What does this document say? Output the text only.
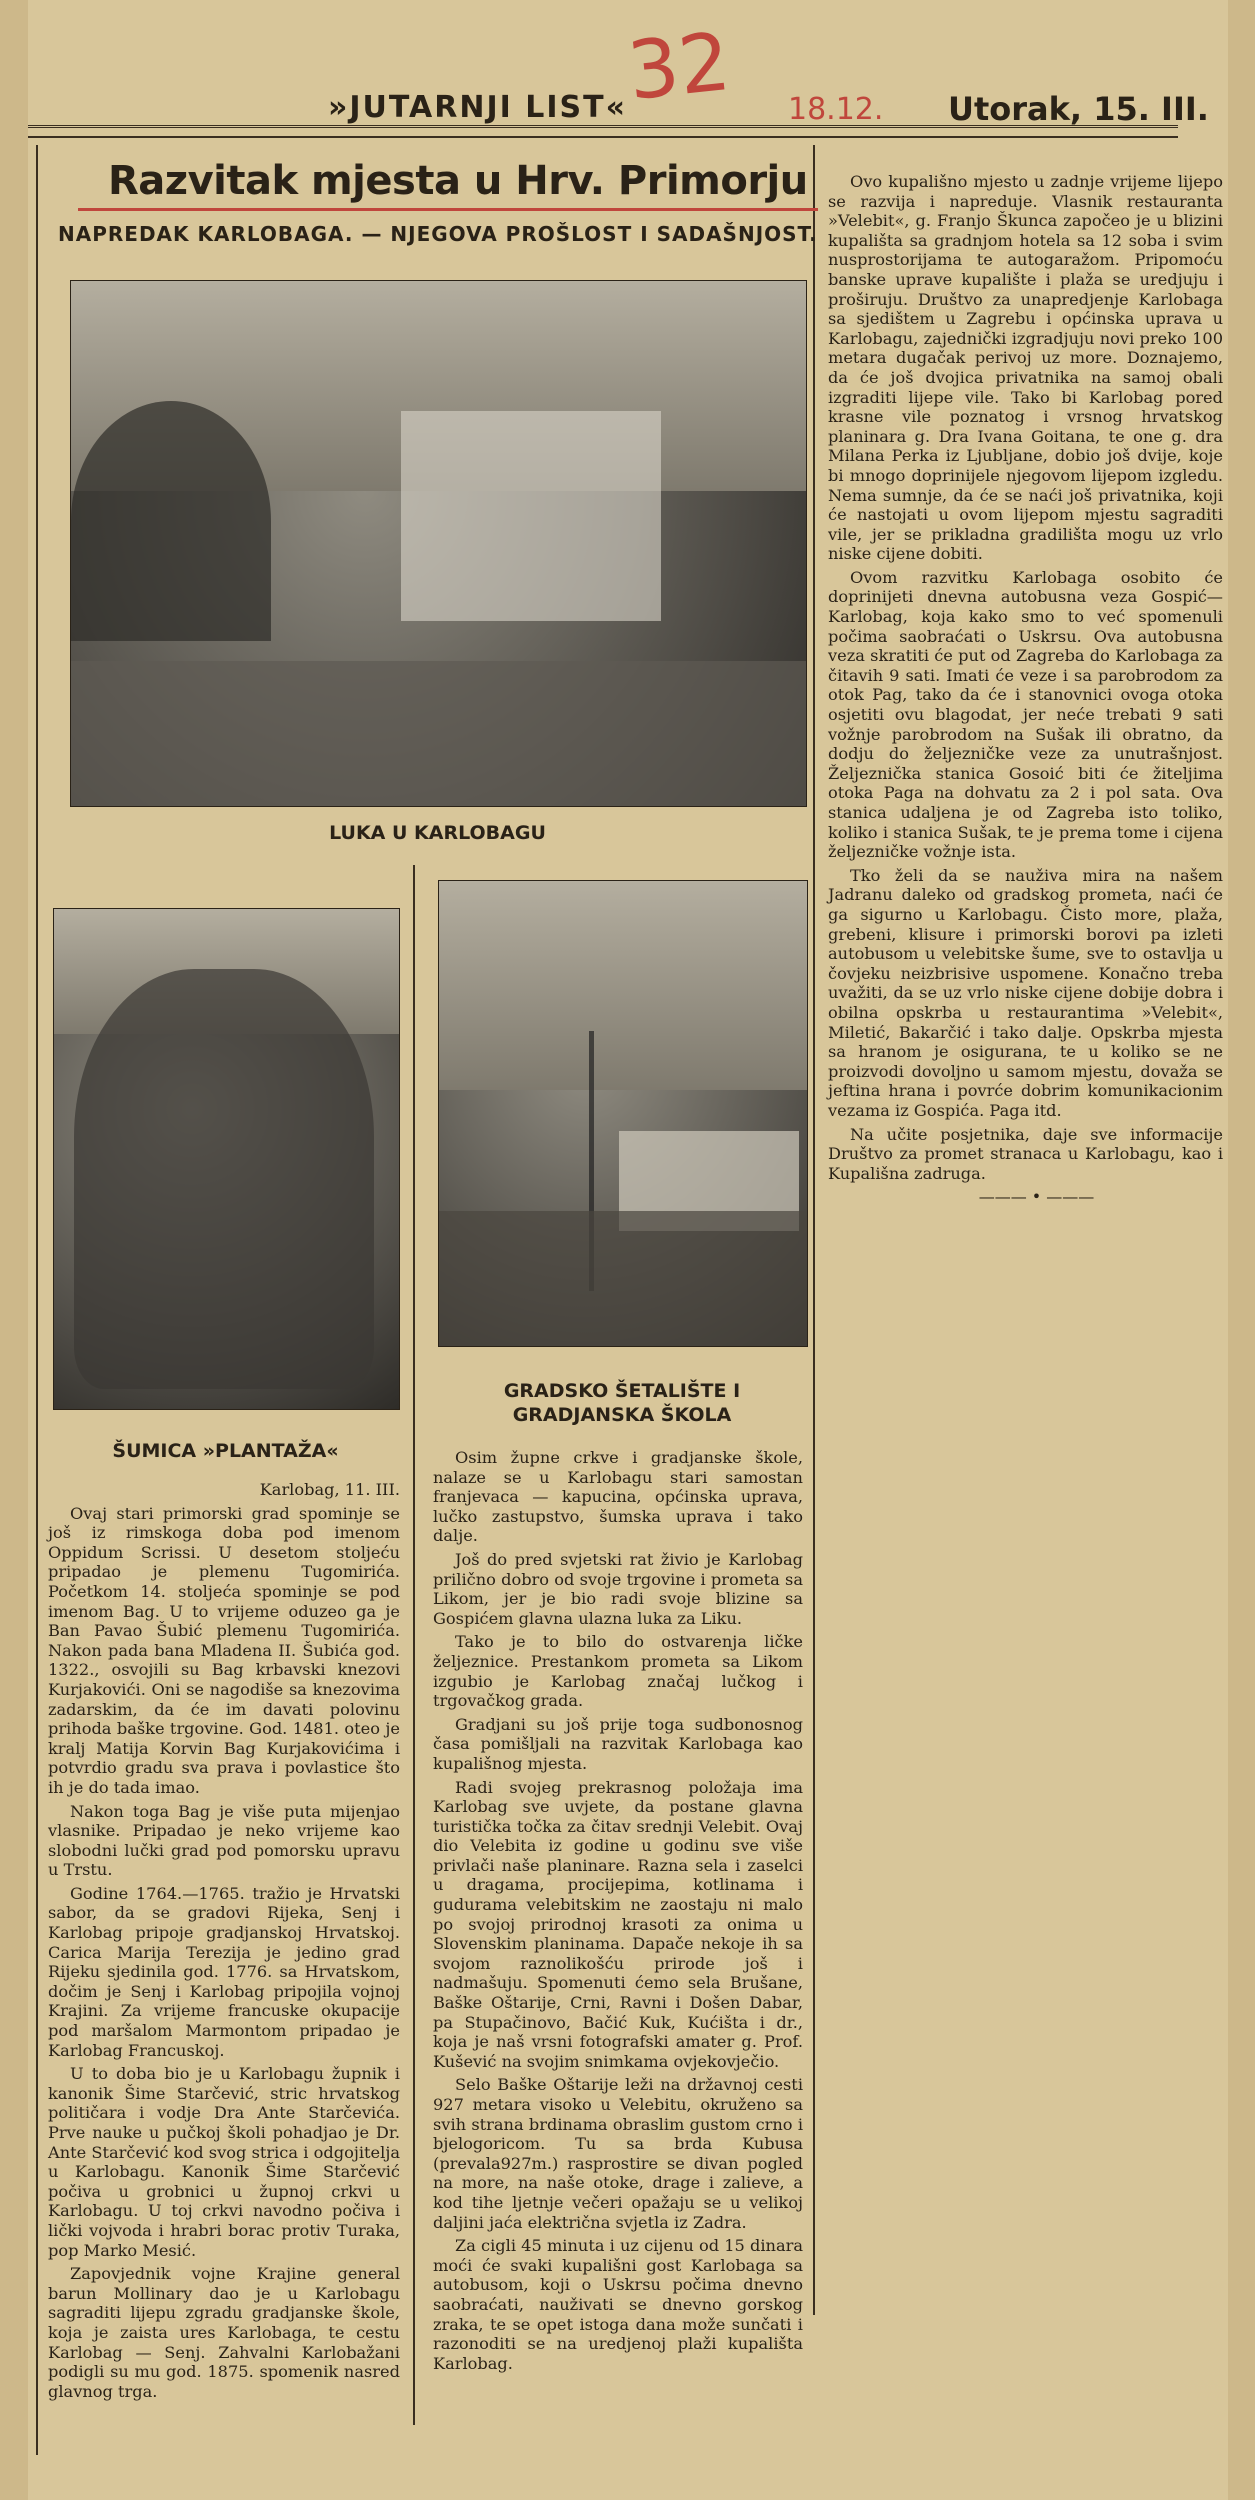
»JUTARNJI LIST«
32 18.12. Utorak, 15. III.
Razvitak mjesta u Hrv. Primorju
NAPREDAK KARLOBAGA. — NJEGOVA PROŠLOST I SADAŠNJOST.
LUKA U KARLOBAGU
ŠUMICA »PLANTAŽA«
GRADSKO ŠETALIŠTE I GRADJANSKA ŠKOLA

Karlobag, 11. III.

Ovaj stari primorski grad spominje se još iz rimskoga doba pod imenom Oppidum Scrissi. U desetom stoljeću pripadao je plemenu Tugomirića. Početkom 14. stoljeća spominje se pod imenom Bag. U to vrijeme oduzeo ga je Ban Pavao Šubić plemenu Tugomirića. Nakon pada bana Mladena II. Šubića god. 1322., osvojili su Bag krbavski knezovi Kurjakovići. Oni se nagodiše sa knezovima zadarskim, da će im davati polovinu prihoda baške trgovine. God. 1481. oteo je kralj Matija Korvin Bag Kurjakovićima i potvrdio gradu sva prava i povlastice što ih je do tada imao.

Nakon toga Bag je više puta mijenjao vlasnike. Pripadao je neko vrijeme kao slobodni lučki grad pod pomorsku upravu u Trstu.

Godine 1764.—1765. tražio je Hrvatski sabor, da se gradovi Rijeka, Senj i Karlobag pripoje gradjanskoj Hrvatskoj. Carica Marija Terezija je jedino grad Rijeku sjedinila god. 1776. sa Hrvatskom, dočim je Senj i Karlobag pripojila vojnoj Krajini. Za vrijeme francuske okupacije pod maršalom Marmontom pripadao je Karlobag Francuskoj.

U to doba bio je u Karlobagu župnik i kanonik Šime Starčević, stric hrvatskog političara i vodje Dra Ante Starčevića. Prve nauke u pučkoj školi pohadjao je Dr. Ante Starčević kod svog strica i odgojitelja u Karlobagu. Kanonik Šime Starčević počiva u grobnici u župnoj crkvi u Karlobagu. U toj crkvi navodno počiva i lički vojvoda i hrabri borac protiv Turaka, pop Marko Mesić.

Zapovjednik vojne Krajine general barun Mollinary dao je u Karlobagu sagraditi lijepu zgradu gradjanske škole, koja je zaista ures Karlobaga, te cestu Karlobag — Senj. Zahvalni Karlobažani podigli su mu god. 1875. spomenik nasred glavnog trga.

Osim župne crkve i gradjanske škole, nalaze se u Karlobagu stari samostan franjevaca — kapucina, općinska uprava, lučko zastupstvo, šumska uprava i tako dalje.

Još do pred svjetski rat živio je Karlobag prilično dobro od svoje trgovine i prometa sa Likom, jer je bio radi svoje blizine sa Gospićem glavna ulazna luka za Liku.

Tako je to bilo do ostvarenja ličke željeznice. Prestankom prometa sa Likom izgubio je Karlobag značaj lučkog i trgovačkog grada.

Gradjani su još prije toga sudbonosnog časa pomišljali na razvitak Karlobaga kao kupališnog mjesta.

Radi svojeg prekrasnog položaja ima Karlobag sve uvjete, da postane glavna turistička točka za čitav srednji Velebit. Ovaj dio Velebita iz godine u godinu sve više privlači naše planinare. Razna sela i zaselci u dragama, procijepima, kotlinama i gudurama velebitskim ne zaostaju ni malo po svojoj prirodnoj krasoti za onima u Slovenskim planinama. Dapače nekoje ih sa svojom raznolikošću prirode još i nadmašuju. Spomenuti ćemo sela Brušane, Baške Oštarije, Crni, Ravni i Došen Dabar, pa Stupačinovo, Bačić Kuk, Kućišta i dr., koja je naš vrsni fotografski amater g. Prof. Kušević na svojim snimkama ovjekovječio.

Selo Baške Oštarije leži na državnoj cesti 927 metara visoko u Velebitu, okruženo sa svih strana brdinama obraslim gustom crno i bjelogoricom. Tu sa brda Kubusa (prevala927m.) rasprostire se divan pogled na more, na naše otoke, drage i zalieve, a kod tihe ljetnje večeri opažaju se u velikoj daljini jaća električna svjetla iz Zadra.

Za cigli 45 minuta i uz cijenu od 15 dinara moći će svaki kupališni gost Karlobaga sa autobusom, koji o Uskrsu počima dnevno saobraćati, nauživati se dnevno gorskog zraka, te se opet istoga dana može sunčati i razonoditi se na uredjenoj plaži kupališta Karlobag.

Ovo kupališno mjesto u zadnje vrijeme lijepo se razvija i napreduje. Vlasnik restauranta »Velebit«, g. Franjo Škunca započeo je u blizini kupališta sa gradnjom hotela sa 12 soba i svim nusprostorijama te autogaražom. Pripomoću banske uprave kupalište i plaža se uredjuju i proširuju. Društvo za unapredjenje Karlobaga sa sjedištem u Zagrebu i općinska uprava u Karlobagu, zajednički izgradjuju novi preko 100 metara dugačak perivoj uz more. Doznajemo, da će još dvojica privatnika na samoj obali izgraditi lijepe vile. Tako bi Karlobag pored krasne vile poznatog i vrsnog hrvatskog planinara g. Dra Ivana Goitana, te one g. dra Milana Perka iz Ljubljane, dobio još dvije, koje bi mnogo doprinijele njegovom lijepom izgledu. Nema sumnje, da će se naći još privatnika, koji će nastojati u ovom lijepom mjestu sagraditi vile, jer se prikladna gradilišta mogu uz vrlo niske cijene dobiti.

Ovom razvitku Karlobaga osobito će doprinijeti dnevna autobusna veza Gospić—Karlobag, koja kako smo to već spomenuli počima saobraćati o Uskrsu. Ova autobusna veza skratiti će put od Zagreba do Karlobaga za čitavih 9 sati. Imati će veze i sa parobrodom za otok Pag, tako da će i stanovnici ovoga otoka osjetiti ovu blagodat, jer neće trebati 9 sati vožnje parobrodom na Sušak ili obratno, da dodju do željezničke veze za unutrašnjost. Željeznička stanica Gosoić biti će žiteljima otoka Paga na dohvatu za 2 i pol sata. Ova stanica udaljena je od Zagreba isto toliko, koliko i stanica Sušak, te je prema tome i cijena željezničke vožnje ista.

Tko želi da se nauživa mira na našem Jadranu daleko od gradskog prometa, naći će ga sigurno u Karlobagu. Čisto more, plaža, grebeni, klisure i primorski borovi pa izleti autobusom u velebitske šume, sve to ostavlja u čovjeku neizbrisive uspomene. Konačno treba uvažiti, da se uz vrlo niske cijene dobije dobra i obilna opskrba u restaurantima »Velebit«, Miletić, Bakarčić i tako dalje. Opskrba mjesta sa hranom je osigurana, te u koliko se ne proizvodi dovoljno u samom mjestu, dovaža se jeftina hrana i povrće dobrim komunikacionim vezama iz Gospića. Paga itd.

Na učite posjetnika, daje sve informacije Društvo za promet stranaca u Karlobagu, kao i Kupališna zadruga.

——— • ———
